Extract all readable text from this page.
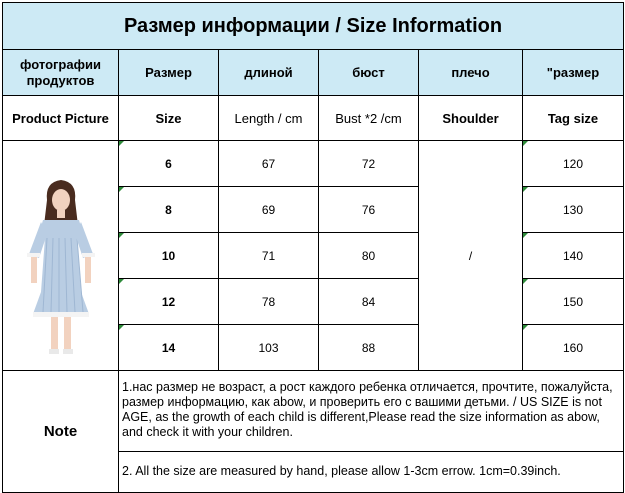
Размер информации / Size Information					
фотографии продуктов	Размер	длиной	бюст	плечо	"размер
Product Picture	Size	Length / cm	Bust *2 /cm	Shoulder	Tag size

6	67	72	/	120

8	69	76		130

10	71	80		140

12	78	84		150

14	103	88		160
Note	1.нас размер не возраст, а рост каждого ребенка отличается, прочтите, пожалуйста, размер информацию, как abow, и проверить его с вашими детьми. / US SIZE is not AGE, as the growth of each child is different,Please read the size information as abow, and check it with your children.				
	2. All the size are measured by hand, please allow 1-3cm errow. 1cm=0.39inch.				
